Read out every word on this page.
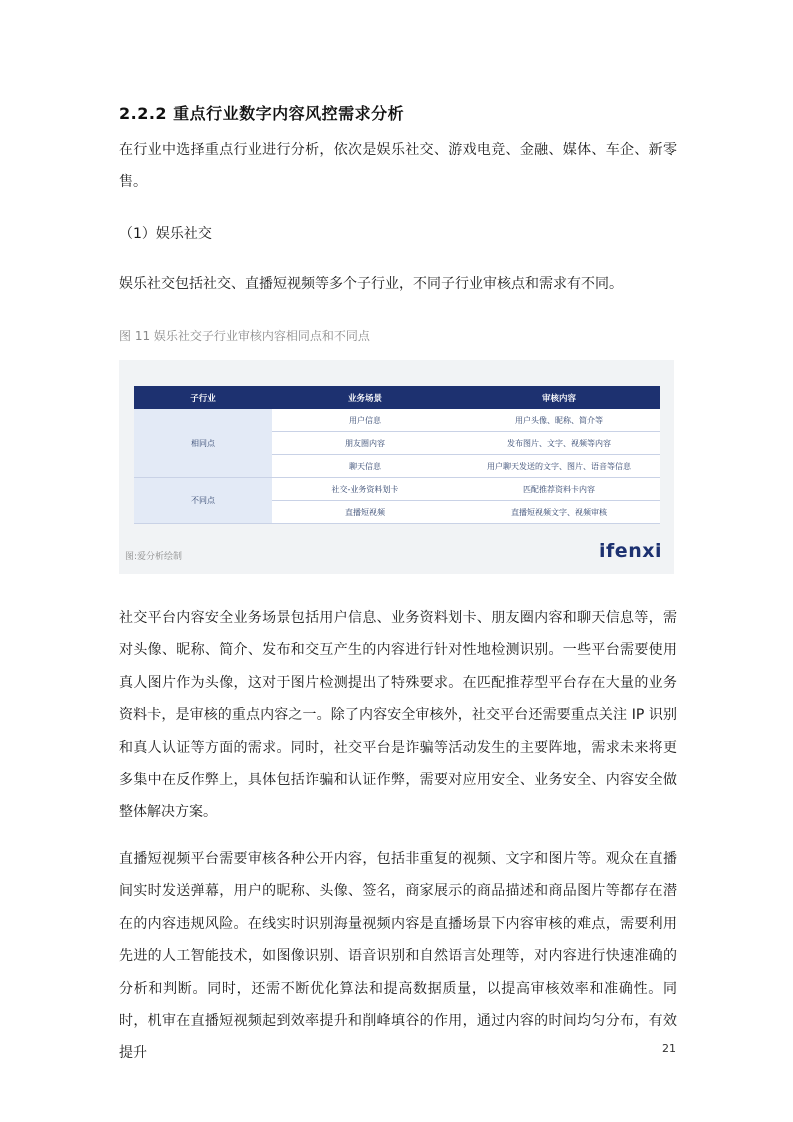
2.2.2 重点行业数字内容风控需求分析

在行业中选择重点行业进行分析，依次是娱乐社交、游戏电竞、金融、媒体、车企、新零售。

（1）娱乐社交

娱乐社交包括社交、直播短视频等多个子行业，不同子行业审核点和需求有不同。

图 11 娱乐社交子行业审核内容相同点和不同点
子行业	业务场景	审核内容
相同点	用户信息	用户头像、昵称、简介等
	朋友圈内容	发布图片、文字、视频等内容
	聊天信息	用户聊天发送的文字、图片、语音等信息
不同点	社交-业务资料划卡	匹配推荐资料卡内容
	直播短视频	直播短视频文字、视频审核
图:爱分析绘制	ifenxi

社交平台内容安全业务场景包括用户信息、业务资料划卡、朋友圈内容和聊天信息等，需对头像、昵称、简介、发布和交互产生的内容进行针对性地检测识别。一些平台需要使用真人图片作为头像，这对于图片检测提出了特殊要求。在匹配推荐型平台存在大量的业务资料卡，是审核的重点内容之一。除了内容安全审核外，社交平台还需要重点关注 IP 识别和真人认证等方面的需求。同时，社交平台是诈骗等活动发生的主要阵地，需求未来将更多集中在反作弊上，具体包括诈骗和认证作弊，需要对应用安全、业务安全、内容安全做整体解决方案。

直播短视频平台需要审核各种公开内容，包括非重复的视频、文字和图片等。观众在直播间实时发送弹幕，用户的昵称、头像、签名，商家展示的商品描述和商品图片等都存在潜在的内容违规风险。在线实时识别海量视频内容是直播场景下内容审核的难点，需要利用先进的人工智能技术，如图像识别、语音识别和自然语言处理等，对内容进行快速准确的分析和判断。同时，还需不断优化算法和提高数据质量，以提高审核效率和准确性。同时，机审在直播短视频起到效率提升和削峰填谷的作用，通过内容的时间均匀分布，有效提升	21
